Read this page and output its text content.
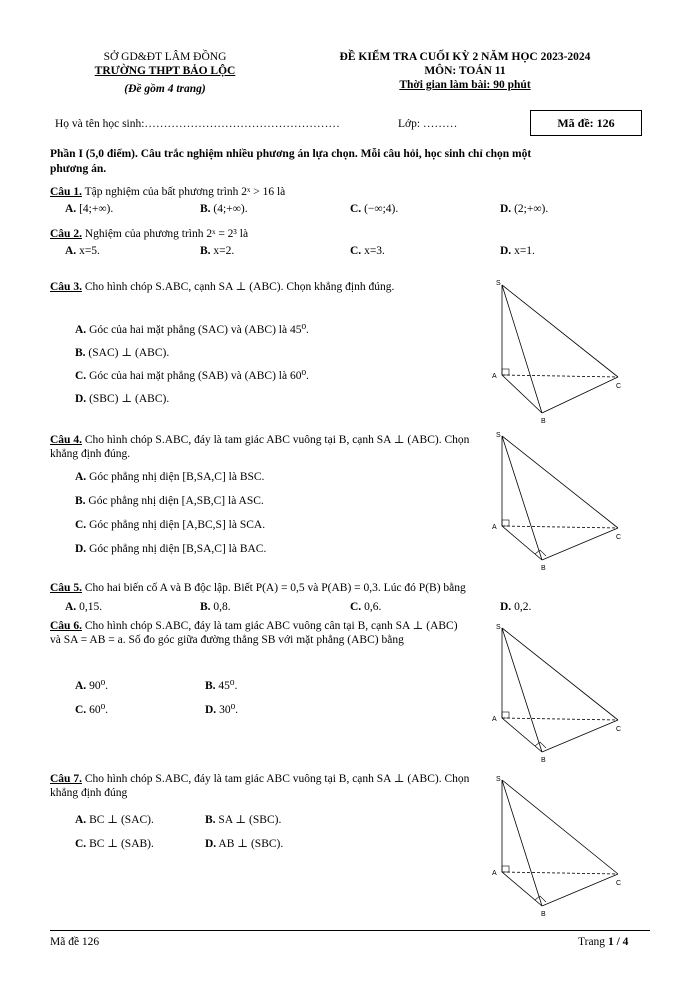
SỞ GD&ĐT LÂM ĐỒNG
TRƯỜNG THPT BẢO LỘC
(Đề gồm 4 trang)
ĐỀ KIỂM TRA CUỐI KỲ 2 NĂM HỌC 2023-2024
MÔN: TOÁN 11
Thời gian làm bài: 90 phút
Họ và tên học sinh:……………………………………………	Lớp: ………	Mã đề: 126
Phần I (5,0 điểm). Câu trắc nghiệm nhiều phương án lựa chọn. Mỗi câu hỏi, học sinh chỉ chọn một
phương án.
Câu 1. Tập nghiệm của bất phương trình 2ˣ > 16 là
A. [4;+∞).	B. (4;+∞).	C. (−∞;4).	D. (2;+∞).
Câu 2. Nghiệm của phương trình 2ˣ = 2³ là
A. x=5.	B. x=2.	C. x=3.	D. x=1.
Câu 3. Cho hình chóp S.ABC, cạnh SA ⊥ (ABC). Chọn khẳng định đúng.
A. Góc của hai mặt phẳng (SAC) và (ABC) là 45⁰.
B. (SAC) ⊥ (ABC).
C. Góc của hai mặt phẳng (SAB) và (ABC) là 60⁰.
D. (SBC) ⊥ (ABC).
Câu 4. Cho hình chóp S.ABC, đáy là tam giác ABC vuông tại B, cạnh SA ⊥ (ABC). Chọn khẳng định đúng.
A. Góc phẳng nhị diện [B,SA,C] là BSC.
B. Góc phẳng nhị diện [A,SB,C] là ASC.
C. Góc phẳng nhị diện [A,BC,S] là SCA.
D. Góc phẳng nhị diện [B,SA,C] là BAC.
Câu 5. Cho hai biến cố A và B độc lập. Biết P(A) = 0,5 và P(AB) = 0,3. Lúc đó P(B) bằng
A. 0,15.	B. 0,8.	C. 0,6.	D. 0,2.
Câu 6. Cho hình chóp S.ABC, đáy là tam giác ABC vuông cân tại B, cạnh SA ⊥ (ABC) và SA = AB = a. Số đo góc giữa đường thẳng SB với mặt phẳng (ABC) bằng
A. 90⁰.	B. 45⁰.
C. 60⁰.	D. 30⁰.
Câu 7. Cho hình chóp S.ABC, đáy là tam giác ABC vuông tại B, cạnh SA ⊥ (ABC). Chọn khẳng định đúng
A. BC ⊥ (SAC).	B. SA ⊥ (SBC).
C. BC ⊥ (SAB).	D. AB ⊥ (SBC).
S
A
B
C
S
A
B
C
S
A
B
C
S
A
B
C
Mã đề 126	Trang 1 / 4
